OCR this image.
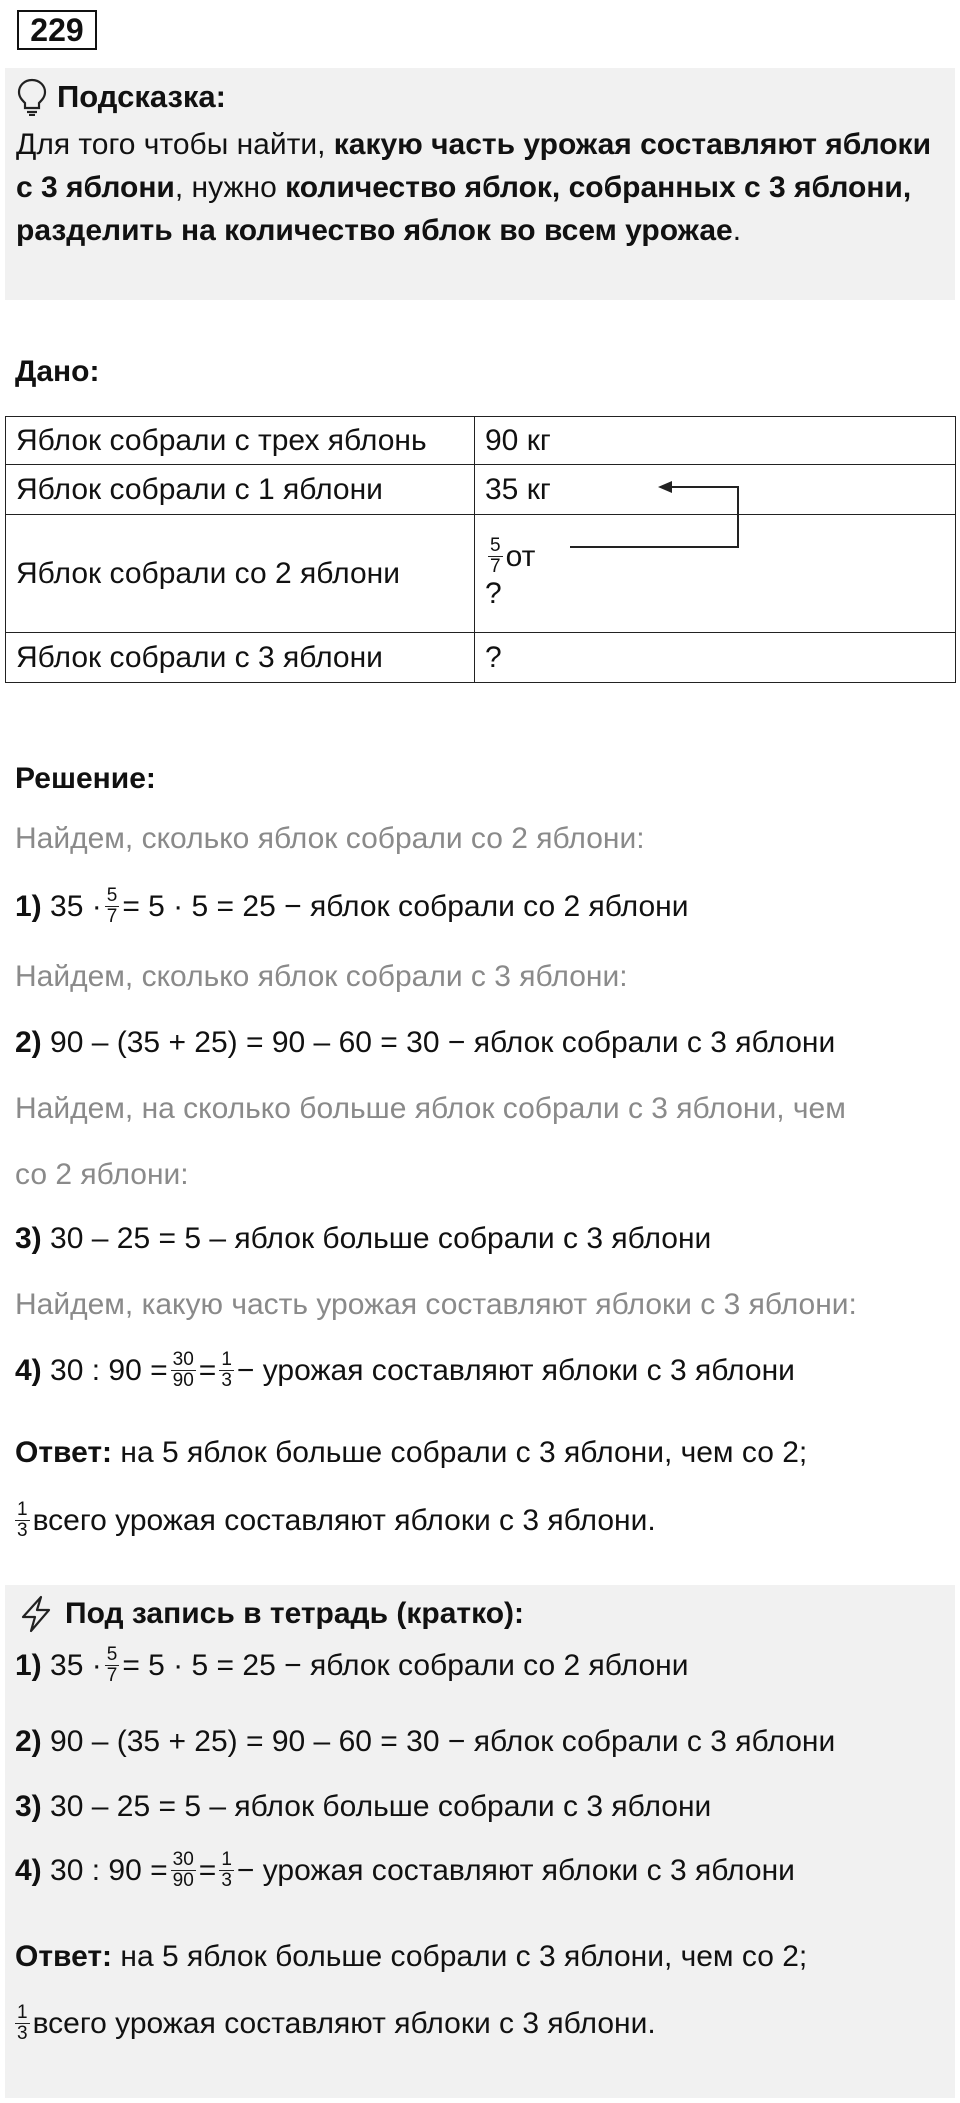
229
Подсказка:
Для того чтобы найти, какую часть урожая составляют яблоки с 3 яблони, нужно количество яблок, собранных с 3 яблони, разделить на количество яблок во всем урожае.
Дано:
Яблок собрали с трех яблонь	90 кг
Яблок собрали с 1 яблони	35 кг
Яблок собрали со 2 яблони	$\frac{5}{7}$ от
?

Яблок собрали с 3 яблони	?
Решение:
Найдем, сколько яблок собрали со 2 яблони:
1)
$35 \cdot \frac{5}{7} = 5 \cdot 5 = 25$ − яблок собрали со 2 яблони
Найдем, сколько яблок собрали с 3 яблони:
2)
90 – (35 + 25) = 90 – 60 = 30 − яблок собрали с 3 яблони
Найдем, на сколько больше яблок собрали с 3 яблони, чем
со 2 яблони:
3)
30 – 25 = 5 – яблок больше собрали с 3 яблони
Найдем, какую часть урожая составляют яблоки с 3 яблони:
4)
30 : $90 = \frac{30}{90} = \frac{1}{3}$ − урожая составляют яблоки с 3 яблони
Ответ:
на 5 яблок больше собрали с 3 яблони, чем со 2;
$\frac{1}{3}$ всего урожая составляют яблоки с 3 яблони.
Под запись в тетрадь (кратко):
1)
$35 \cdot \frac{5}{7} = 5 \cdot 5 = 25$ − яблок собрали со 2 яблони
2)
90 – (35 + 25) = 90 – 60 = 30 − яблок собрали с 3 яблони
3)
30 – 25 = 5 – яблок больше собрали с 3 яблони
4)
30 : $90 = \frac{30}{90} = \frac{1}{3}$ − урожая составляют яблоки с 3 яблони
Ответ:
на 5 яблок больше собрали с 3 яблони, чем со 2;
$\frac{1}{3}$ всего урожая составляют яблоки с 3 яблони.
